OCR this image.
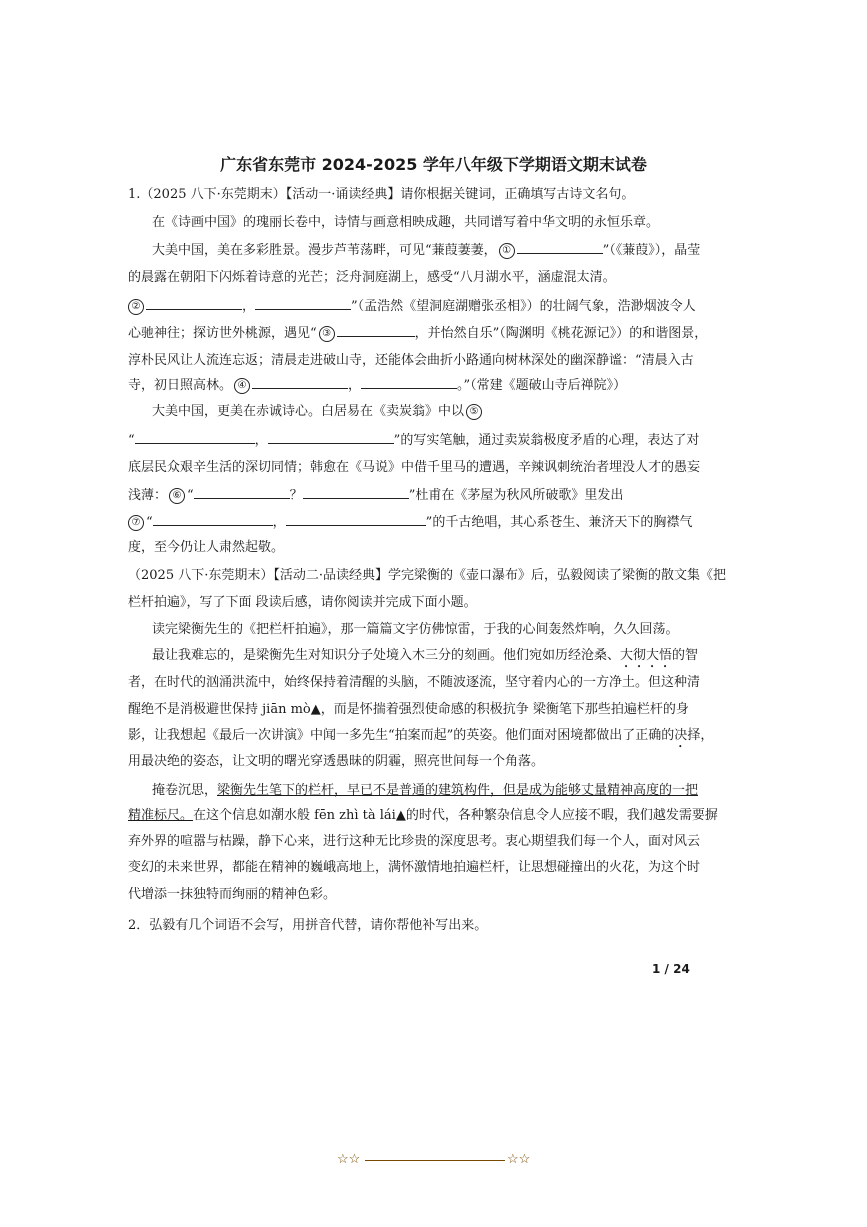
广东省东莞市 2024-2025 学年八年级下学期语文期末试卷
1.（2025 八下·东莞期末）【活动一·诵读经典】请你根据关键词，正确填写古诗文名句。
在《诗画中国》的瑰丽长卷中，诗情与画意相映成趣，共同谱写着中华文明的永恒乐章。
大美中国，美在多彩胜景。漫步芦苇荡畔，可见“蒹葭萋萋， ①	”（《蒹葭》），晶莹
的晨露在朝阳下闪烁着诗意的光芒；泛舟洞庭湖上，感受“八月湖水平，涵虚混太清。
②	，	”（孟浩然《望洞庭湖赠张丞相》）的壮阔气象，浩渺烟波令人
心驰神往；探访世外桃源，遇见“ ③	，并怡然自乐”（陶渊明《桃花源记》）的和谐图景，
淳朴民风让人流连忘返；清晨走进破山寺，还能体会曲折小路通向树林深处的幽深静谧：“清晨入古
寺，初日照高林。 ④	，	。”（常建《题破山寺后禅院》）
大美中国，更美在赤诚诗心。白居易在《卖炭翁》中以 ⑤
“	，	”的写实笔触，通过卖炭翁极度矛盾的心理，表达了对
底层民众艰辛生活的深切同情；韩愈在《马说》中借千里马的遭遇，辛辣讽刺统治者埋没人才的愚妄
浅薄： ⑥ “	？	”杜甫在《茅屋为秋风所破歌》里发出
⑦ “	，	”的千古绝唱，其心系苍生、兼济天下的胸襟气
度，至今仍让人肃然起敬。
（2025 八下·东莞期末）【活动二·品读经典】学完梁衡的《壶口瀑布》后，弘毅阅读了梁衡的散文集《把
栏杆拍遍》，写了下面 段读后感，请你阅读并完成下面小题。
读完梁衡先生的《把栏杆拍遍》，那一篇篇文字仿佛惊雷，于我的心间轰然炸响，久久回荡。
最让我难忘的，是梁衡先生对知识分子处境入木三分的刻画。他们宛如历经沧桑、大彻大悟的智
者，在时代的汹涌洪流中，始终保持着清醒的头脑，不随波逐流，坚守着内心的一方净土。但这种清
醒绝不是消极避世保持 jiān mò▲，而是怀揣着强烈使命感的积极抗争 梁衡笔下那些拍遍栏杆的身
影，让我想起《最后一次讲演》中闻一多先生“拍案而起”的英姿。他们面对困境都做出了正确的决择，
用最决绝的姿态，让文明的曙光穿透愚昧的阴霾，照亮世间每一个角落。
掩卷沉思，梁衡先生笔下的栏杆，早已不是普通的建筑构件，但是成为能够丈量精神高度的一把
精准标尺。在这个信息如潮水般 fēn zhì tà lái▲的时代，各种繁杂信息令人应接不暇，我们越发需要摒
弃外界的喧嚣与枯躁，静下心来，进行这种无比珍贵的深度思考。衷心期望我们每一个人，面对风云
变幻的未来世界，都能在精神的巍峨高地上，满怀激情地拍遍栏杆，让思想碰撞出的火花，为这个时
代增添一抹独特而绚丽的精神色彩。
2．弘毅有几个词语不会写，用拼音代替，请你帮他补写出来。
1 / 24
☆☆	☆☆
